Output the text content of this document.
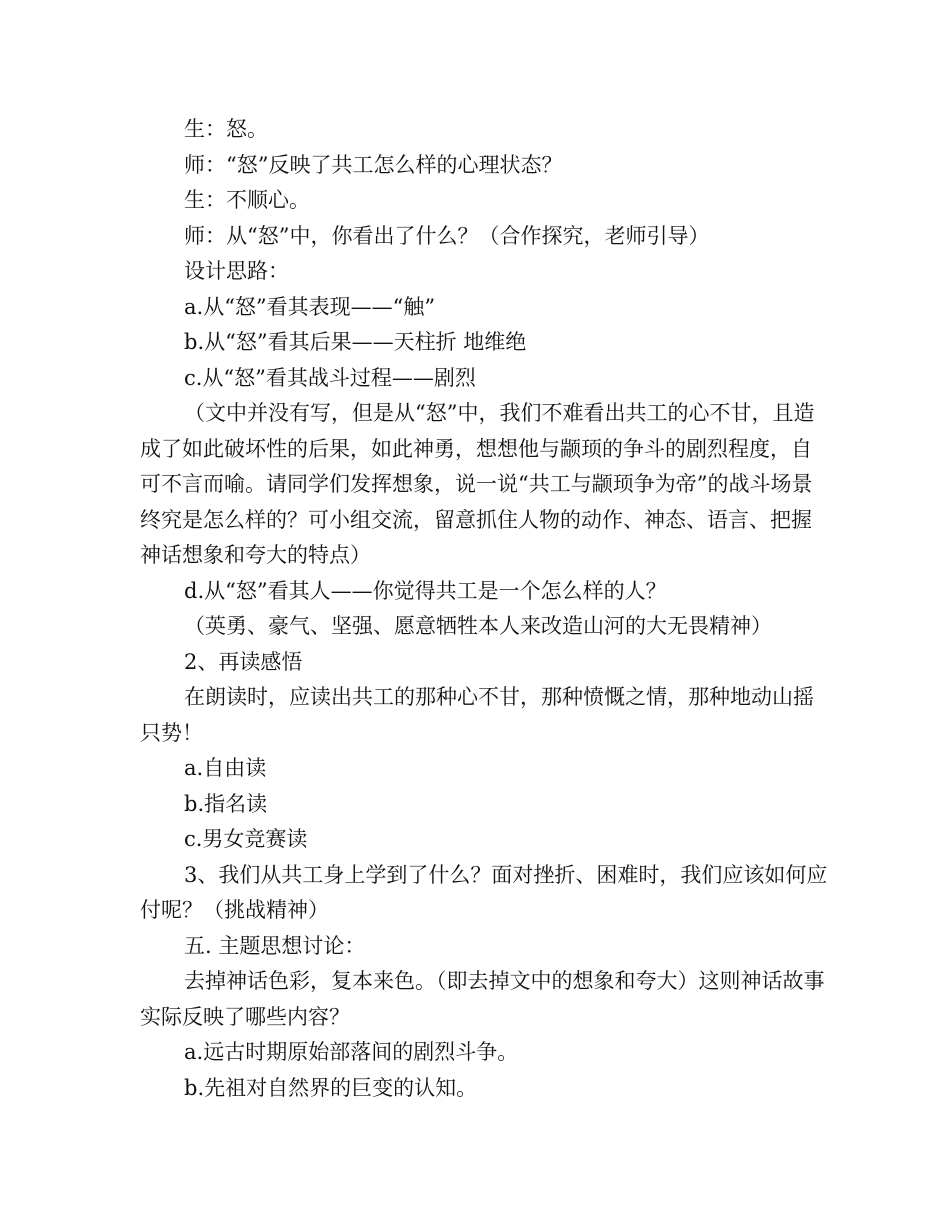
生：怒。

师：“怒”反映了共工怎么样的心理状态？

生：不顺心。

师：从“怒”中，你看出了什么？（合作探究，老师引导）

设计思路：

a.从“怒”看其表现——“触”

b.从“怒”看其后果——天柱折 地维绝

c.从“怒”看其战斗过程——剧烈

（文中并没有写，但是从“怒”中，我们不难看出共工的心不甘，且造成了如此破坏性的后果，如此神勇，想想他与颛顼的争斗的剧烈程度，自可不言而喻。请同学们发挥想象，说一说“共工与颛顼争为帝”的战斗场景终究是怎么样的？可小组交流，留意抓住人物的动作、神态、语言、把握神话想象和夸大的特点）

d.从“怒”看其人——你觉得共工是一个怎么样的人？

（英勇、豪气、坚强、愿意牺牲本人来改造山河的大无畏精神）

2、再读感悟

在朗读时，应读出共工的那种心不甘，那种愤慨之情，那种地动山摇只势！

a.自由读

b.指名读

c.男女竞赛读

3、我们从共工身上学到了什么？面对挫折、困难时，我们应该如何应付呢？（挑战精神）

五. 主题思想讨论：

去掉神话色彩，复本来色。（即去掉文中的想象和夸大）这则神话故事实际反映了哪些内容？

a.远古时期原始部落间的剧烈斗争。

b.先祖对自然界的巨变的认知。
